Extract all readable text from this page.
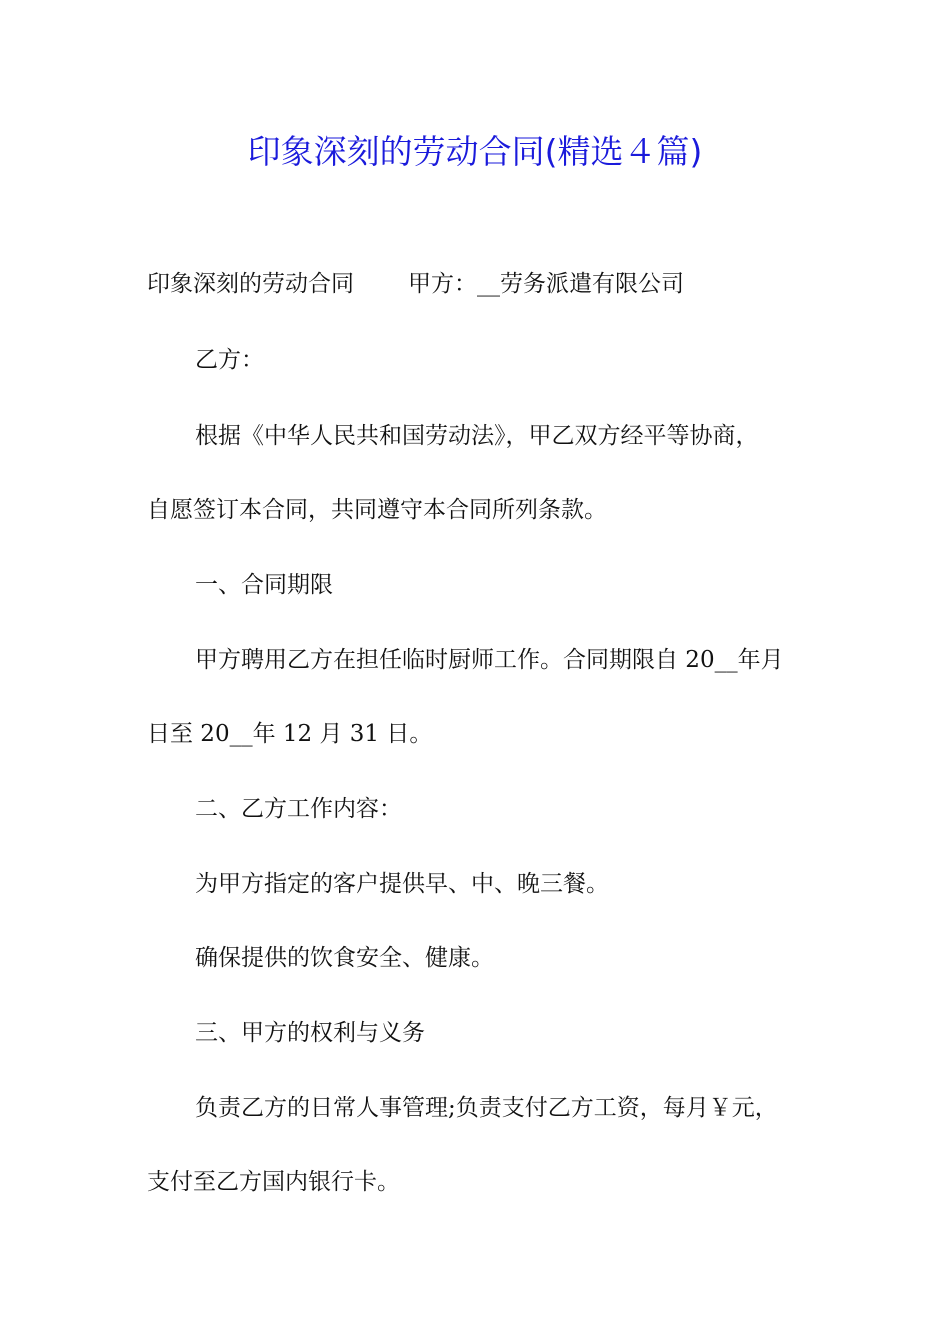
印象深刻的劳动合同(精选４篇)
印象深刻的劳动合同 甲方：__劳务派遣有限公司
乙方：
根据《中华人民共和国劳动法》，甲乙双方经平等协商，
自愿签订本合同，共同遵守本合同所列条款。
一、合同期限
甲方聘用乙方在担任临时厨师工作。合同期限自 20__年月
日至 20__年 12 月 31 日。
二、乙方工作内容：
为甲方指定的客户提供早、中、晚三餐。
确保提供的饮食安全、健康。
三、甲方的权利与义务
负责乙方的日常人事管理;负责支付乙方工资，每月￥元，
支付至乙方国内银行卡。
